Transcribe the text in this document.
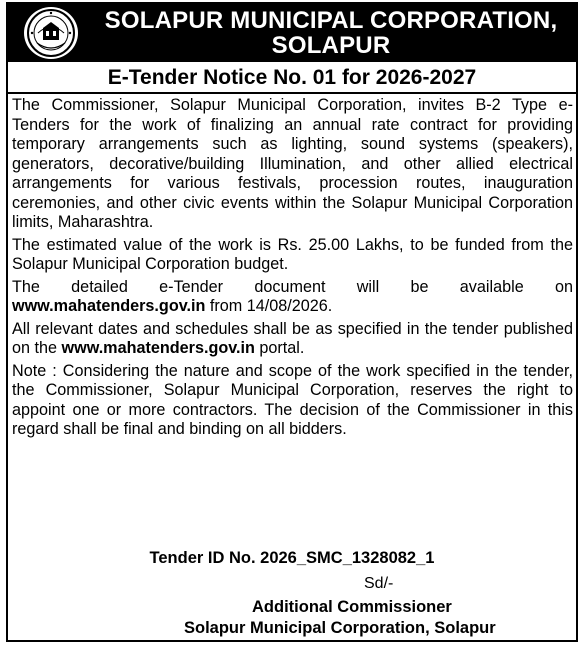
SOLAPUR MUNICIPAL CORPORATION,
SOLAPUR
E-Tender Notice No. 01 for 2026-2027

The Commissioner, Solapur Municipal Corporation, invites B-2 Type e-Tenders for the work of finalizing an annual rate contract for providing temporary arrangements such as lighting, sound systems (speakers), generators, decorative/building Illumination, and other allied electrical arrangements for various festivals, procession routes, inauguration ceremonies, and other civic events within the Solapur Municipal Corporation limits, Maharashtra.

The estimated value of the work is Rs. 25.00 Lakhs, to be funded from the Solapur Municipal Corporation budget.

The detailed e-Tender document will be available on www.mahatenders.gov.in from 14/08/2026.

All relevant dates and schedules shall be as specified in the tender published on the www.mahatenders.gov.in portal.

Note : Considering the nature and scope of the work specified in the tender, the Commissioner, Solapur Municipal Corporation, reserves the right to appoint one or more contractors. The decision of the Commissioner in this regard shall be final and binding on all bidders.

Tender ID No. 2026_SMC_1328082_1
Sd/-
Additional Commissioner
Solapur Municipal Corporation, Solapur
